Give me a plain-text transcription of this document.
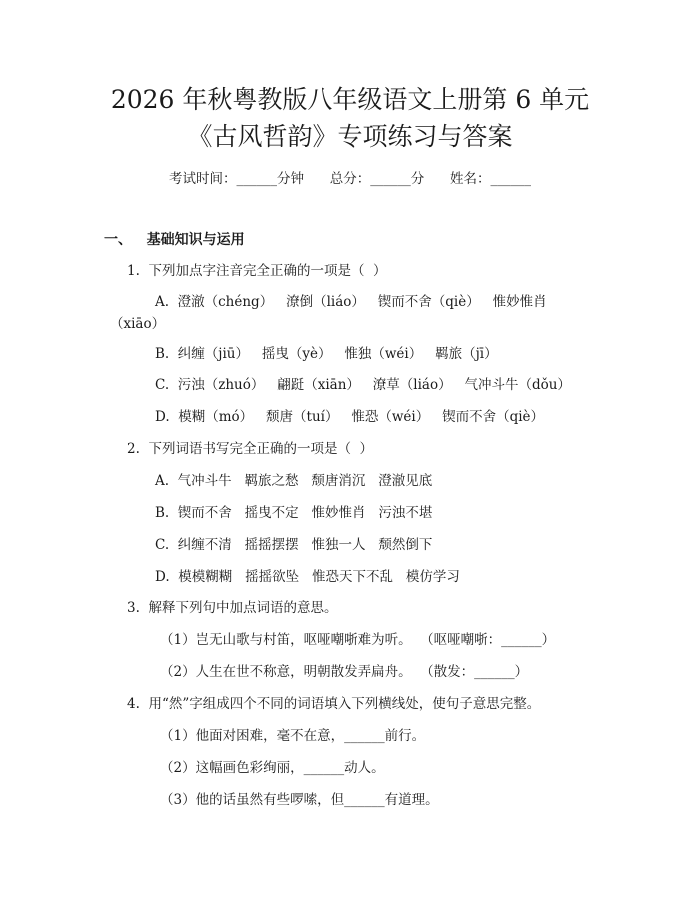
2026 年秋粤教版八年级语文上册第 6 单元
《古风哲韵》专项练习与答案
考试时间：______分钟      总分：______分      姓名：______
一、   基础知识与运用
1.  下列加点字注音完全正确的一项是（  ）
A.  澄澈（chéng）   潦倒（liáo）   锲而不舍（qiè）   惟妙惟肖
（xiāo）
B.  纠缠（jiū）   摇曳（yè）   惟独（wéi）   羁旅（jī）
C.  污浊（zhuó）   翩跹（xiān）   潦草（liáo）   气冲斗牛（dǒu）
D.  模糊（mó）   颓唐（tuí）   惟恐（wéi）   锲而不舍（qiè）
2.  下列词语书写完全正确的一项是（  ）
A.  气冲斗牛   羁旅之愁   颓唐消沉   澄澈见底
B.  锲而不舍   摇曳不定   惟妙惟肖   污浊不堪
C.  纠缠不清   摇摇摆摆   惟独一人   颓然倒下
D.  模模糊糊   摇摇欲坠   惟恐天下不乱   模仿学习
3.  解释下列句中加点词语的意思。
（1）岂无山歌与村笛，呕哑嘲哳难为听。  （呕哑嘲哳：______）
（2）人生在世不称意，明朝散发弄扁舟。  （散发：______）
4.  用“然”字组成四个不同的词语填入下列横线处，使句子意思完整。
（1）他面对困难，毫不在意，______前行。
（2）这幅画色彩绚丽，______动人。
（3）他的话虽然有些啰嗦，但______有道理。
